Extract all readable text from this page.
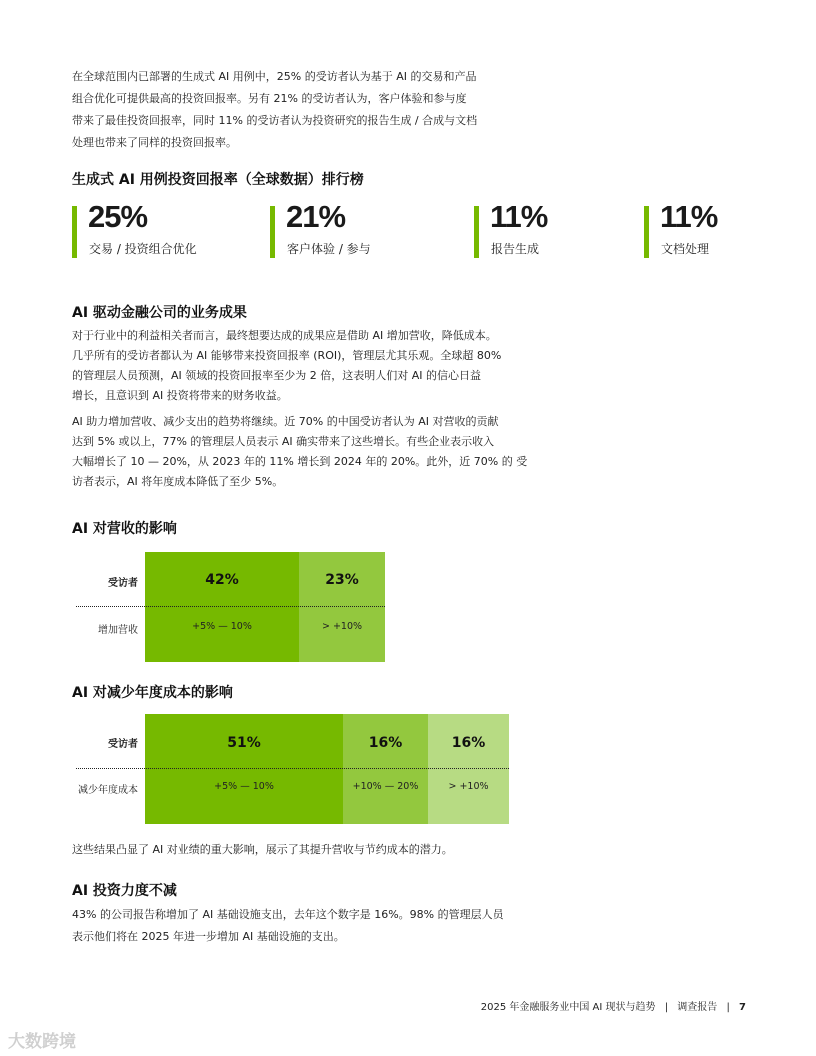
在全球范围内已部署的生成式 AI 用例中，25% 的受访者认为基于 AI 的交易和产品
组合优化可提供最高的投资回报率。另有 21% 的受访者认为，客户体验和参与度
带来了最佳投资回报率，同时 11% 的受访者认为投资研究的报告生成 / 合成与文档
处理也带来了同样的投资回报率。
生成式 AI 用例投资回报率（全球数据）排行榜
25%
交易 / 投资组合优化
21%
客户体验 / 参与
11%
报告生成
11%
文档处理
AI 驱动金融公司的业务成果
对于行业中的利益相关者而言，最终想要达成的成果应是借助 AI 增加营收，降低成本。
几乎所有的受访者都认为 AI 能够带来投资回报率 (ROI)，管理层尤其乐观。全球超 80%
的管理层人员预测，AI 领域的投资回报率至少为 2 倍，这表明人们对 AI 的信心日益
增长，且意识到 AI 投资将带来的财务收益。
AI 助力增加营收、减少支出的趋势将继续。近 70% 的中国受访者认为 AI 对营收的贡献
达到 5% 或以上，77% 的管理层人员表示 AI 确实带来了这些增长。有些企业表示收入
大幅增长了 10 — 20%，从 2023 年的 11% 增长到 2024 年的 20%。此外，近 70% 的 受
访者表示，AI 将年度成本降低了至少 5%。
AI 对营收的影响
受访者
增加营收
42%
+5% — 10%
23%
> +10%
AI 对减少年度成本的影响
受访者
减少年度成本
51%
+5% — 10%
16%
+10% — 20%
16%
> +10%
这些结果凸显了 AI 对业绩的重大影响，展示了其提升营收与节约成本的潜力。
AI 投资力度不减
43% 的公司报告称增加了 AI 基础设施支出，去年这个数字是 16%。98% 的管理层人员
表示他们将在 2025 年进一步增加 AI 基础设施的支出。
2025 年金融服务业中国 AI 现状与趋势 | 调查报告 | 7
大数跨境
